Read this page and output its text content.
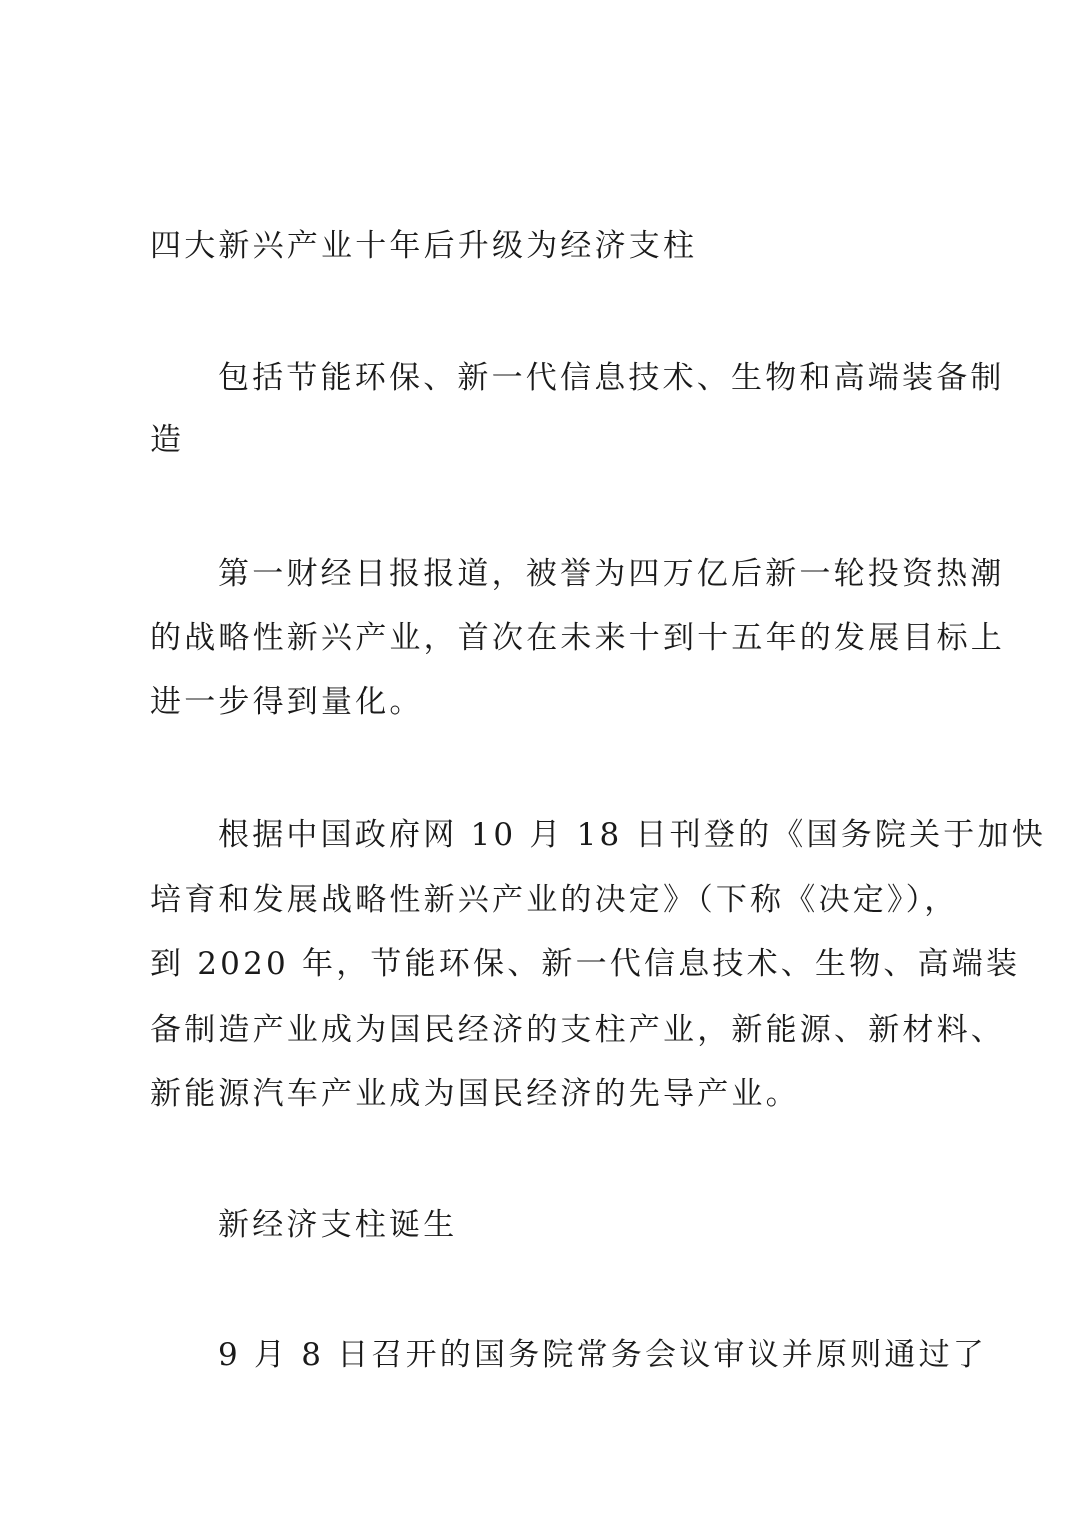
四大新兴产业十年后升级为经济支柱
包括节能环保、新一代信息技术、生物和高端装备制
造
第一财经日报报道，被誉为四万亿后新一轮投资热潮
的战略性新兴产业，首次在未来十到十五年的发展目标上
进一步得到量化。
根据中国政府网 10 月 18 日刊登的《国务院关于加快
培育和发展战略性新兴产业的决定》（下称《决定》），
到 2020 年，节能环保、新一代信息技术、生物、高端装
备制造产业成为国民经济的支柱产业，新能源、新材料、
新能源汽车产业成为国民经济的先导产业。
新经济支柱诞生
9 月 8 日召开的国务院常务会议审议并原则通过了
